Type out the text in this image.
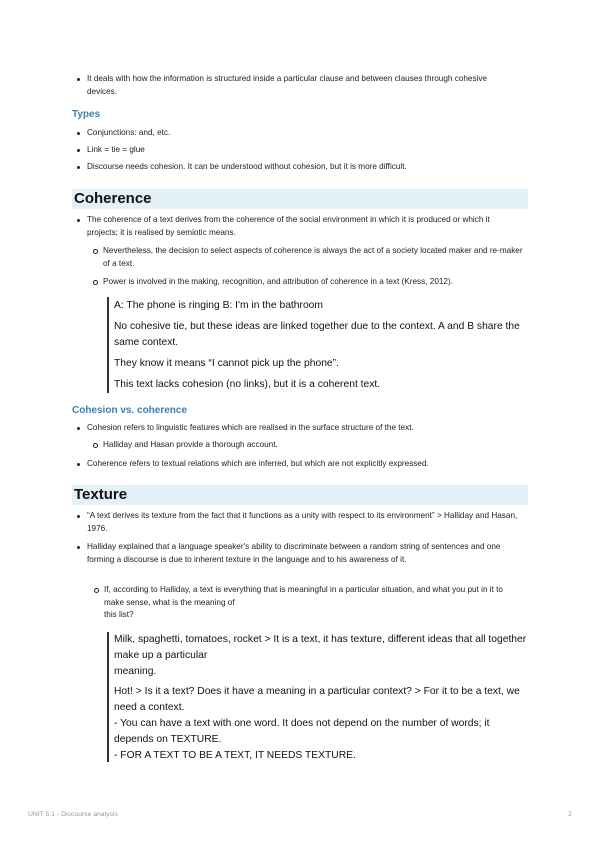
It deals with how the information is structured inside a particular clause and between clauses through cohesive devices.
Types
Conjunctions: and, etc.
Link = tie = glue
Discourse needs cohesion. It can be understood without cohesion, but it is more difficult.
Coherence
The coherence of a text derives from the coherence of the social environment in which it is produced or which it projects; it is realised by semiotic means.
Nevertheless, the decision to select aspects of coherence is always the act of a society located maker and re-maker of a text.
Power is involved in the making, recognition, and attribution of coherence in a text (Kress, 2012).
A: The phone is ringing B: I'm in the bathroom
No cohesive tie, but these ideas are linked together due to the context. A and B share the same context.
They know it means “I cannot pick up the phone”.
This text lacks cohesion (no links), but it is a coherent text.
Cohesion vs. coherence
Cohesion refers to linguistic features which are realised in the surface structure of the text.
Halliday and Hasan provide a thorough account.
Coherence refers to textual relations which are inferred, but which are not explicitly expressed.
Texture
“A text derives its texture from the fact that it functions as a unity with respect to its environment” > Halliday and Hasan, 1976.
Halliday explained that a language speaker's ability to discriminate between a random string of sentences and one
forming a discourse is due to inherent texture in the language and to his awareness of it.
If, according to Halliday, a text is everything that is meaningful in a particular situation, and what you put in it to make sense, what is the meaning of
this list?
Milk, spaghetti, tomatoes, rocket > It is a text, it has texture, different ideas that all together make up a particular
meaning.
Hot! > Is it a text? Does it have a meaning in a particular context? > For it to be a text, we need a context.
- You can have a text with one word. It does not depend on the number of words; it depends on TEXTURE.
- FOR A TEXT TO BE A TEXT, IT NEEDS TEXTURE.
UNIT 5.1 - Discourse analysis	2
